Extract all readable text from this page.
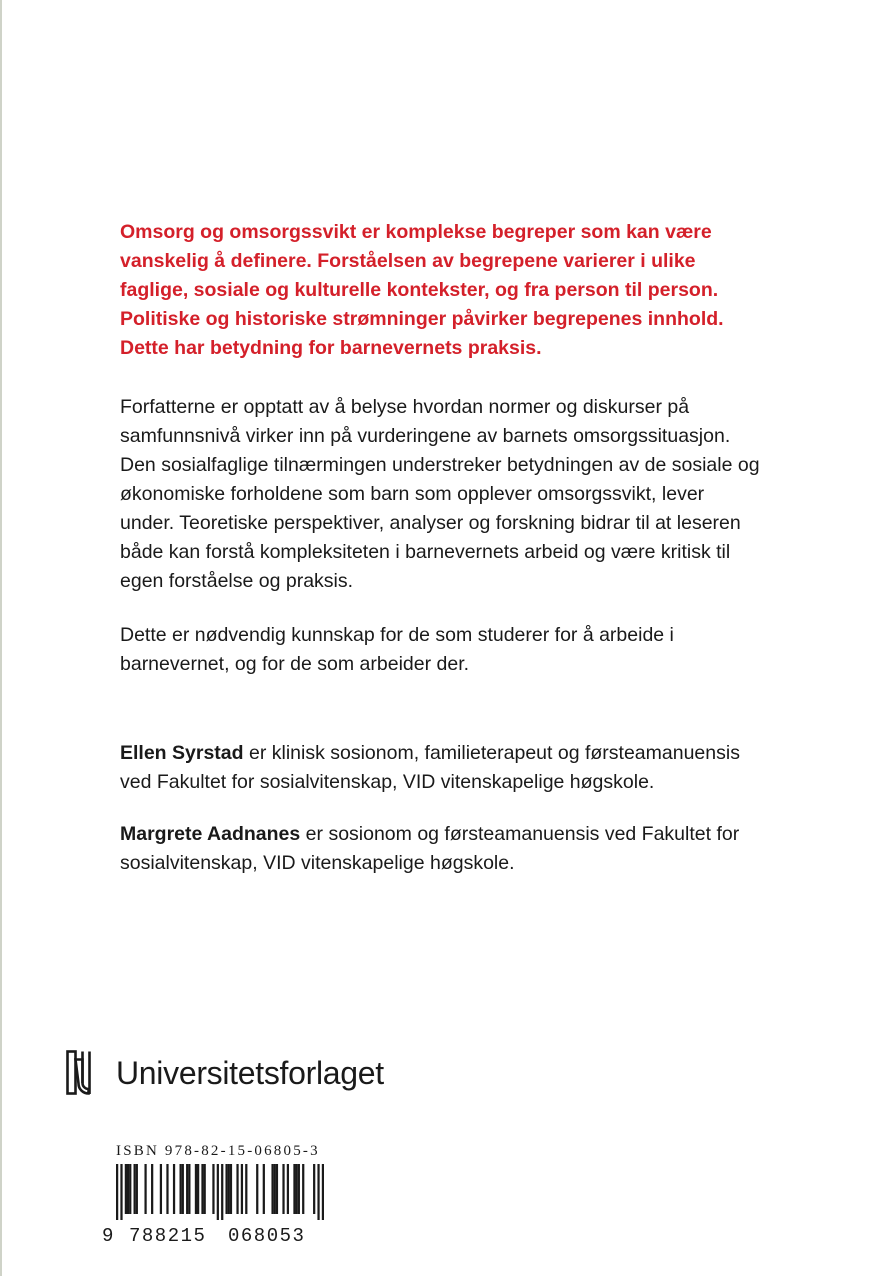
Omsorg og omsorgssvikt er komplekse begreper som kan være vanskelig å definere. Forståelsen av begrepene varierer i ulike faglige, sosiale og kulturelle kontekster, og fra person til person. Politiske og historiske strømninger påvirker begrepenes innhold. Dette har betydning for barnevernets praksis.

Forfatterne er opptatt av å belyse hvordan normer og diskurser på samfunnsnivå virker inn på vurderingene av barnets omsorgssituasjon. Den sosialfaglige tilnærmingen understreker betydningen av de sosiale og økonomiske forholdene som barn som opplever omsorgssvikt, lever under. Teoretiske perspektiver, analyser og forskning bidrar til at leseren både kan forstå kompleksiteten i barnevernets arbeid og være kritisk til egen forståelse og praksis.

Dette er nødvendig kunnskap for de som studerer for å arbeide i barnevernet, og for de som arbeider der.

Ellen Syrstad er klinisk sosionom, familieterapeut og førsteamanuensis ved Fakultet for sosialvitenskap, VID vitenskapelige høgskole.

Margrete Aadnanes er sosionom og førsteamanuensis ved Fakultet for sosialvitenskap, VID vitenskapelige høgskole.

Universitetsforlaget
ISBN 978-82-15-06805-3
9 788215 068053
